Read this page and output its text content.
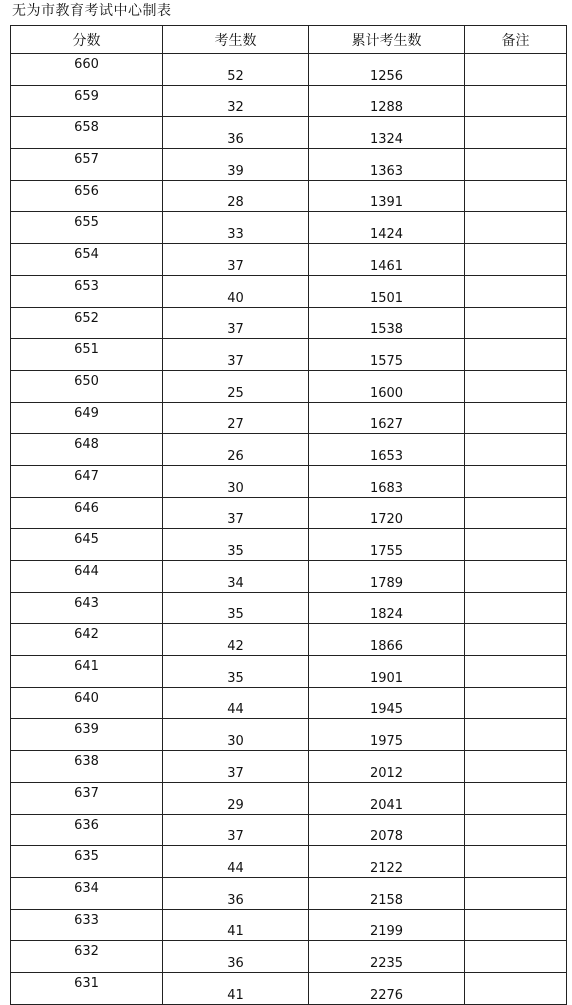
无为市教育考试中心制表
分数	考生数	累计考生数	备注
660	52	1256	
659	32	1288	
658	36	1324	
657	39	1363	
656	28	1391	
655	33	1424	
654	37	1461	
653	40	1501	
652	37	1538	
651	37	1575	
650	25	1600	
649	27	1627	
648	26	1653	
647	30	1683	
646	37	1720	
645	35	1755	
644	34	1789	
643	35	1824	
642	42	1866	
641	35	1901	
640	44	1945	
639	30	1975	
638	37	2012	
637	29	2041	
636	37	2078	
635	44	2122	
634	36	2158	
633	41	2199	
632	36	2235	
631	41	2276	
